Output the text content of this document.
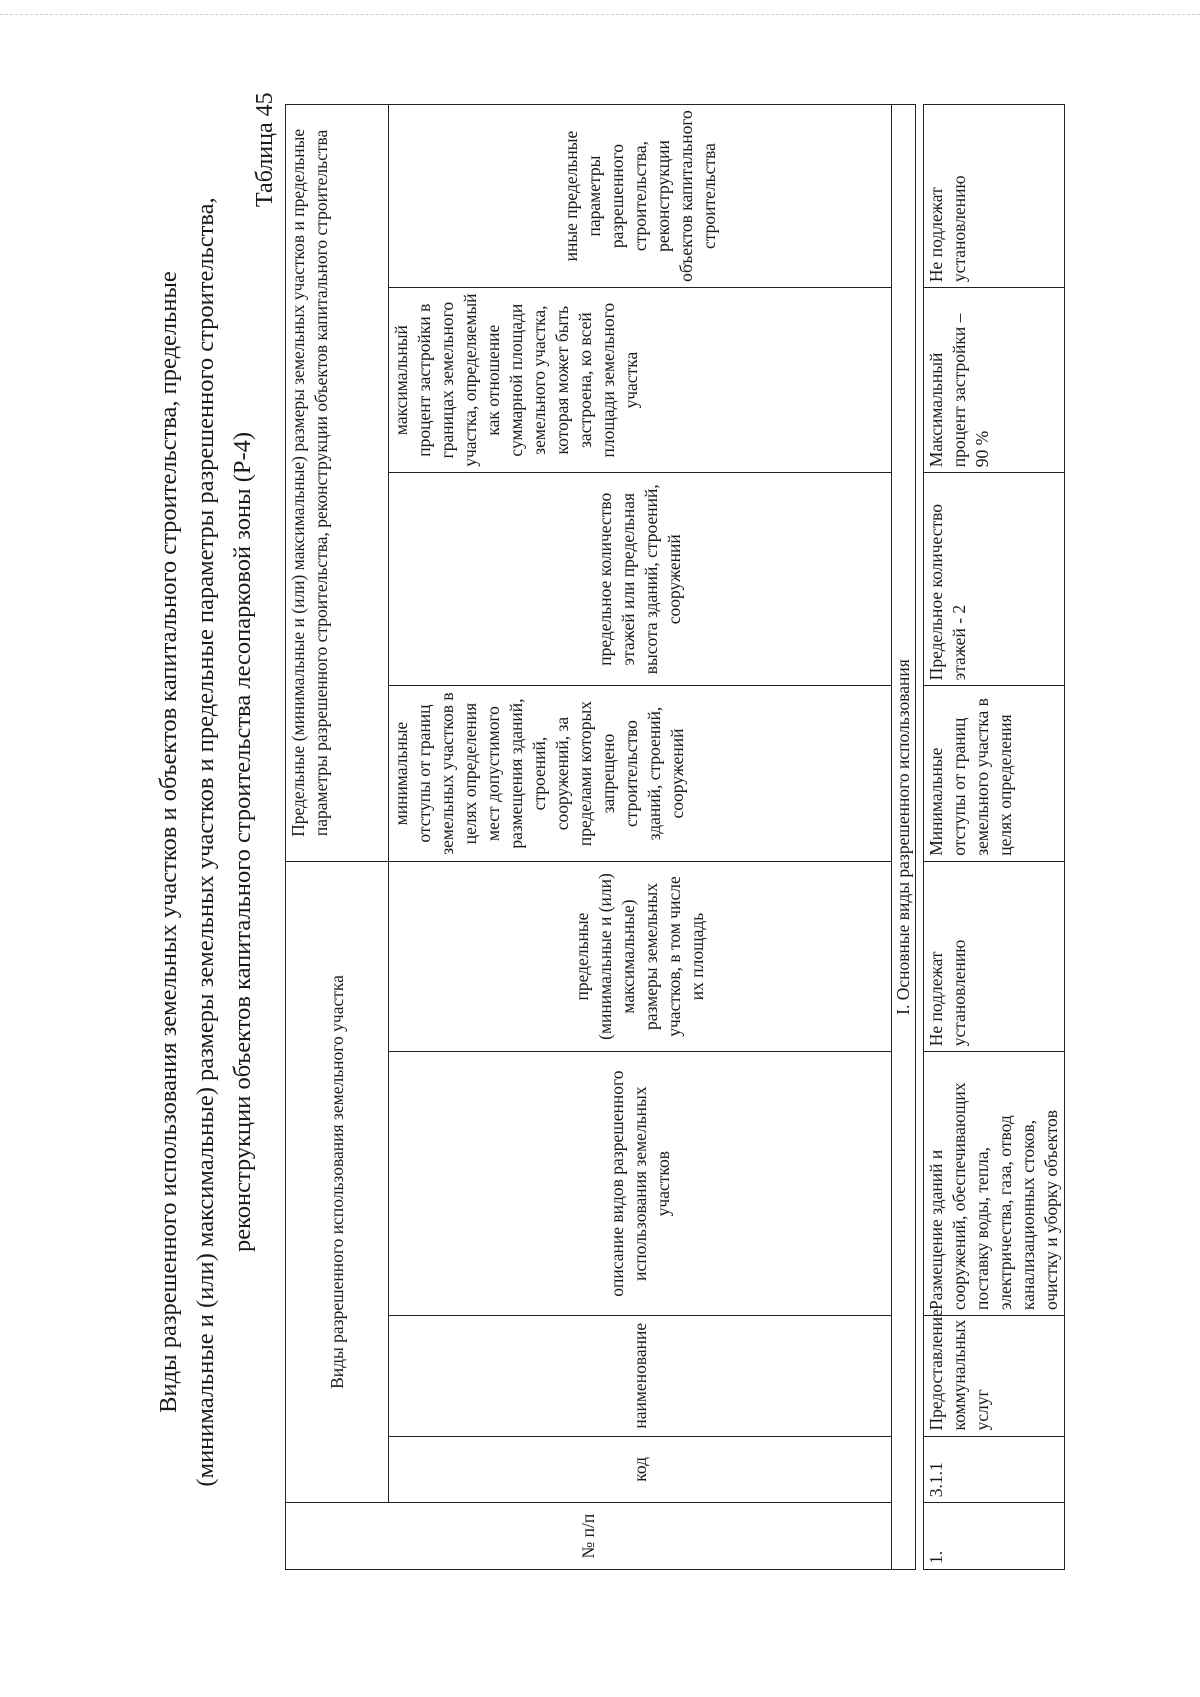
Виды разрешенного использования земельных участков и объектов капитального строительства, предельные (минимальные и (или) максимальные) размеры земельных участков и предельные параметры разрешенного строительства, реконструкции объектов капитального строительства лесопарковой зоны (Р-4)
Таблица 45
№ п/п	Виды разрешенного использования земельного участка				Предельные (минимальные и (или) максимальные) размеры земельных участков и предельные параметры разрешенного строительства, реконструкции объектов капитального строительства			
	код	наименование	описание видов разрешенного использования земельных участков	предельные (минимальные и (или) максимальные) размеры земельных участков, в том числе их площадь	минимальные отступы от границ земельных участков в целях определения мест допустимого размещения зданий, строений, сооружений, за пределами которых запрещено строительство зданий, строений, сооружений	предельное количество этажей или предельная высота зданий, строений, сооружений	максимальный процент застройки в границах земельного участка, определяемый как отношение суммарной площади земельного участка, которая может быть застроена, ко всей площади земельного участка	иные предельные параметры разрешенного строительства, реконструкции объектов капитального строительства
I. Основные виды разрешенного использования								

1.	3.1.1	Предоставление коммунальных услуг	Размещение зданий и сооружений, обеспечивающих поставку воды, тепла, электричества, газа, отвод канализационных стоков, очистку и уборку объектов	Не подлежат установлению	Минимальные отступы от границ земельного участка в целях определения	Предельное количество этажей - 2	Максимальный процент застройки – 90 %	Не подлежат установлению
